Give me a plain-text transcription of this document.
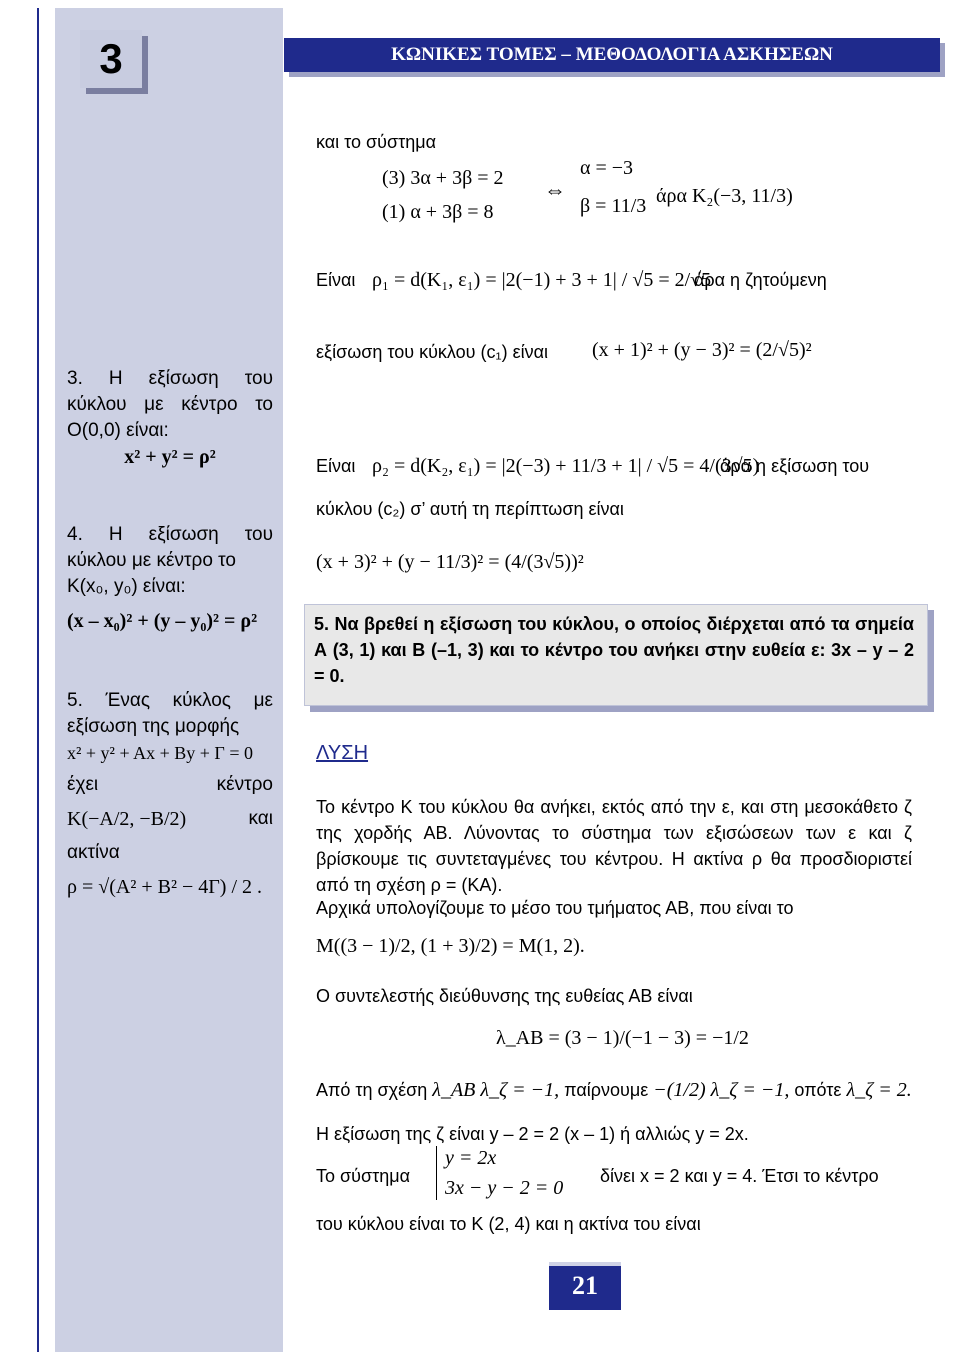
3	ΚΩΝΙΚΕΣ ΤΟΜΕΣ – ΜΕΘΟΔΟΛΟΓΙΑ ΑΣΚΗΣΕΩΝ
3. Η εξίσωση του κύκλου με κέντρο το Ο(0,0) είναι:
x² + y² = ρ²
4. Η εξίσωση του κύκλου με κέντρο το
Κ(x₀, y₀) είναι:
(x – x₀)² + (y – y₀)² = ρ²
5. Ένας κύκλος με εξίσωση της μορφής
x² + y² + Ax + By + Γ = 0
έχει	κέντρο
Κ(−A/2, −B/2)	και
ακτίνα
ρ = √(A² + B² − 4Γ) / 2 .
και το σύστημα
(3) 3α + 3β = 2
(1) α + 3β = 8
⇔
α = −3
β = 11/3 άρα Κ₂(−3, 11/3)
Είναι ρ₁ = d(Κ₁, ε₁) = |2(−1) + 3 + 1| / √5 = 2/√5
άρα η ζητούμενη
εξίσωση του κύκλου (c₁) είναι (x + 1)² + (y − 3)² = (2/√5)²
Είναι ρ₂ = d(Κ₂, ε₁) = |2(−3) + 11/3 + 1| / √5 = 4/(3√5)
άρα η εξίσωση του
κύκλου (c₂) σ’ αυτή τη περίπτωση είναι
(x + 3)² + (y − 11/3)² = (4/(3√5))²
5. Να βρεθεί η εξίσωση του κύκλου, ο οποίος διέρχεται από τα σημεία Α (3, 1) και Β (–1, 3) και το κέντρο του ανήκει στην ευθεία ε: 3x – y – 2 = 0.
ΛΥΣΗ
Το κέντρο Κ του κύκλου θα ανήκει, εκτός από την ε, και στη μεσοκάθετο ζ της χορδής ΑΒ. Λύνοντας το σύστημα των εξισώσεων των ε και ζ βρίσκουμε τις συντεταγμένες του κέντρου. Η ακτίνα ρ θα προσδιοριστεί από τη σχέση ρ = (ΚΑ).
Αρχικά υπολογίζουμε το μέσο του τμήματος ΑΒ, που είναι το
Μ((3 − 1)/2, (1 + 3)/2) = Μ(1, 2).
Ο συντελεστής διεύθυνσης της ευθείας ΑΒ είναι
λ_AB = (3 − 1)/(−1 − 3) = −1/2
Από τη σχέση λ_AB λ_ζ = −1, παίρνουμε −(1/2) λ_ζ = −1, οπότε λ_ζ = 2.
Η εξίσωση της ζ είναι y – 2 = 2 (x – 1) ή αλλιώς y = 2x.
Το σύστημα
y = 2x
3x − y − 2 = 0
δίνει x = 2 και y = 4. Έτσι το κέντρο
του κύκλου είναι το Κ (2, 4) και η ακτίνα του είναι
21
